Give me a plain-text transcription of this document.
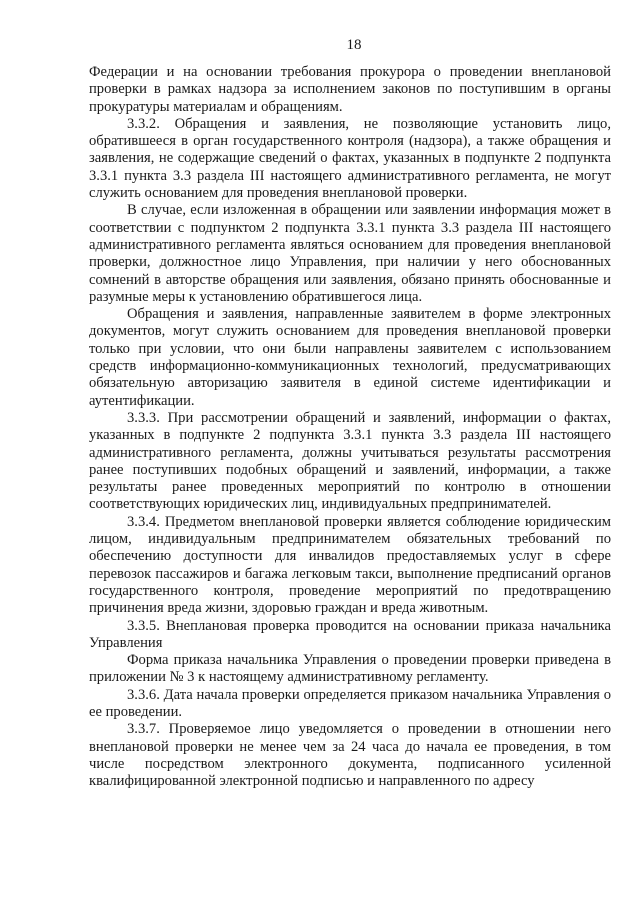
18

Федерации и на основании требования прокурора о проведении внеплановой проверки в рамках надзора за исполнением законов по поступившим в органы прокуратуры материалам и обращениям.

3.3.2. Обращения и заявления, не позволяющие установить лицо, обратившееся в орган государственного контроля (надзора), а также обращения и заявления, не содержащие сведений о фактах, указанных в подпункте 2 подпункта 3.3.1 пункта 3.3 раздела III настоящего административного регламента, не могут служить основанием для проведения внеплановой проверки.

В случае, если изложенная в обращении или заявлении информация может в соответствии с подпунктом 2 подпункта 3.3.1 пункта 3.3 раздела III настоящего административного регламента являться основанием для проведения внеплановой проверки, должностное лицо Управления, при наличии у него обоснованных сомнений в авторстве обращения или заявления, обязано принять обоснованные и разумные меры к установлению обратившегося лица.

Обращения и заявления, направленные заявителем в форме электронных документов, могут служить основанием для проведения внеплановой проверки только при условии, что они были направлены заявителем с использованием средств информационно-коммуникационных технологий, предусматривающих обязательную авторизацию заявителя в единой системе идентификации и аутентификации.

3.3.3. При рассмотрении обращений и заявлений, информации о фактах, указанных в подпункте 2 подпункта 3.3.1 пункта 3.3 раздела III настоящего административного регламента, должны учитываться результаты рассмотрения ранее поступивших подобных обращений и заявлений, информации, а также результаты ранее проведенных мероприятий по контролю в отношении соответствующих юридических лиц, индивидуальных предпринимателей.

3.3.4. Предметом внеплановой проверки является соблюдение юридическим лицом, индивидуальным предпринимателем обязательных требований по обеспечению доступности для инвалидов предоставляемых услуг в сфере перевозок пассажиров и багажа легковым такси, выполнение предписаний органов государственного контроля, проведение мероприятий по предотвращению причинения вреда жизни, здоровью граждан и вреда животным.

3.3.5. Внеплановая проверка проводится на основании приказа начальника Управления

Форма приказа начальника Управления о проведении проверки приведена в приложении № 3 к настоящему административному регламенту.

3.3.6. Дата начала проверки определяется приказом начальника Управления о ее проведении.

3.3.7. Проверяемое лицо уведомляется о проведении в отношении него внеплановой проверки не менее чем за 24 часа до начала ее проведения, в том числе посредством электронного документа, подписанного усиленной квалифицированной электронной подписью и направленного по адресу
